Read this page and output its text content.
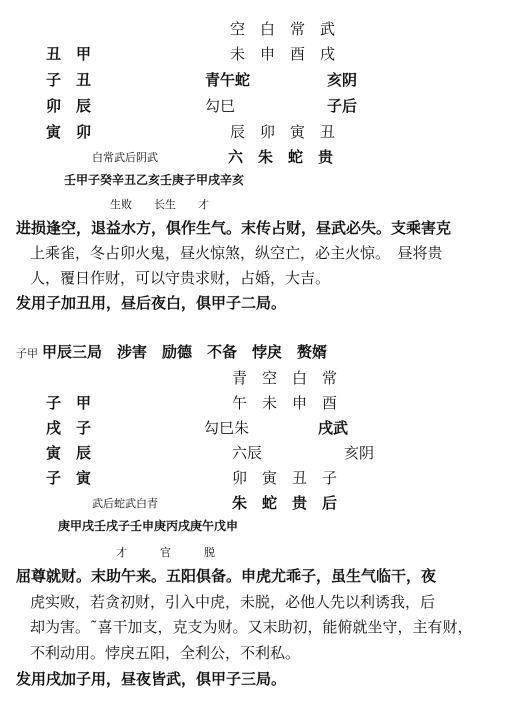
空　白　常　武
丑　甲	未　申　酉　戌
子　丑	青午蛇	亥阴
卯　辰	勾巳	子后
寅　卯	辰　卯　寅　丑
白常武后阴武	六　朱　蛇　贵
壬甲子癸辛丑乙亥壬庚子甲戌辛亥
生败　　长生　　才
进损逢空，退益水方，俱作生气。末传占财，昼武必失。支乘害克
上乘雀，冬占卯火鬼，昼火惊煞，纵空亡，必主火惊。　昼将贵
人，覆日作财，可以守贵求财，占婚，大吉。
发用子加丑用，昼后夜白，俱甲子二局。
子甲 甲辰三局　涉害　励德　不备　悖戾　赘婿
青　空　白　常
子　甲	午　未　申　酉
戌　子	勾巳朱	戌武
寅　辰	六辰	亥阴
子　寅	卯　寅　丑　子
武后蛇武白青	朱　蛇　贵　后
庚甲戌壬戌子壬申庚丙戌庚午戊申
才　　　官　　　脱
屈尊就财。末助午来。五阳俱备。申虎尤乖子，虽生气临干，夜
虎实败，若贪初财，引入中虎，未脱，必他人先以利诱我，后
却为害。˜喜干加支，克支为财。又末助初，能俯就坐守，主有财，
不利动用。悖戾五阳，全利公，不利私。
发用戌加子用，昼夜皆武，俱甲子三局。
